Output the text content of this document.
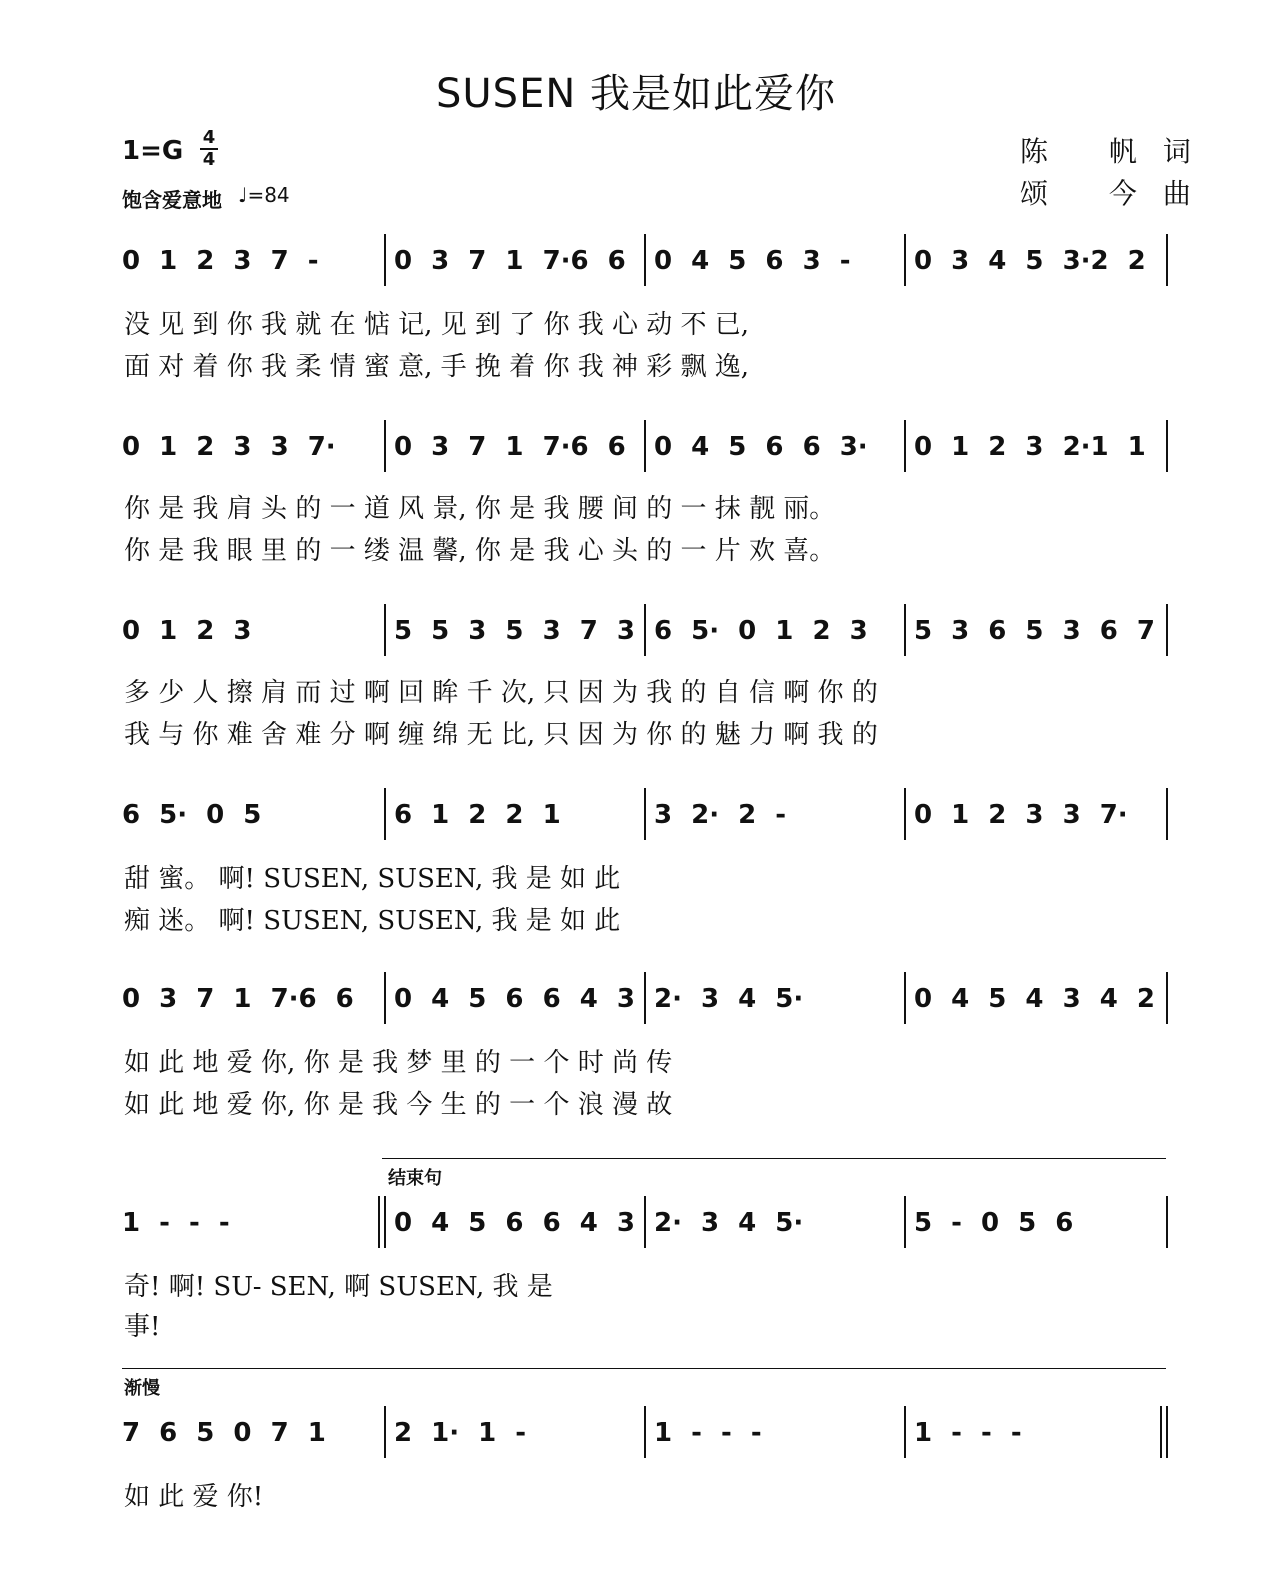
SUSEN 我是如此爱你
1=G 4
4
饱含爱意地 ♩=84
陈 帆词
颂 今曲
0 1 2 3 7 -	0 3 7 1 7·6 6	0 4 5 6 3 -	0 3 4 5 3·2 2
没 见 到 你 我 就 在 惦 记, 见 到 了 你 我 心 动 不 已,
面 对 着 你 我 柔 情 蜜 意, 手 挽 着 你 我 神 彩 飘 逸,
0 1 2 3 3 7·	0 3 7 1 7·6 6	0 4 5 6 6 3·	0 1 2 3 2·1 1
你 是 我 肩 头 的 一 道 风 景, 你 是 我 腰 间 的 一 抹 靓 丽。
你 是 我 眼 里 的 一 缕 温 馨, 你 是 我 心 头 的 一 片 欢 喜。
0 1 2 3	5 5 3 5 3 7 3 6 5· 0 1 2 3	5 3 6 5 3 6 7
多 少 人 擦 肩 而 过 啊 回 眸 千 次, 只 因 为 我 的 自 信 啊 你 的
我 与 你 难 舍 难 分 啊 缠 绵 无 比, 只 因 为 你 的 魅 力 啊 我 的
6 5· 0 5	6 1 2 2 1	3 2· 2 -	0 1 2 3 3 7·
甜 蜜。 啊! SUSEN, SUSEN, 我 是 如 此
痴 迷。 啊! SUSEN, SUSEN, 我 是 如 此
0 3 7 1 7·6 6	0 4 5 6 6 4 3 2· 3 4 5·	0 4 5 4 3 4 2
如 此 地 爱 你, 你 是 我 梦 里 的 一 个 时 尚 传
如 此 地 爱 你, 你 是 我 今 生 的 一 个 浪 漫 故
结束句
1 - - -	0 4 5 6 6 4 3 2· 3 4 5·	5 - 0 5 6
奇! 啊! SU- SEN, 啊 SUSEN, 我 是
事!
渐慢
7 6 5 0 7 1	2 1· 1 -	1 - - -	1 - - -
如 此 爱 你!
